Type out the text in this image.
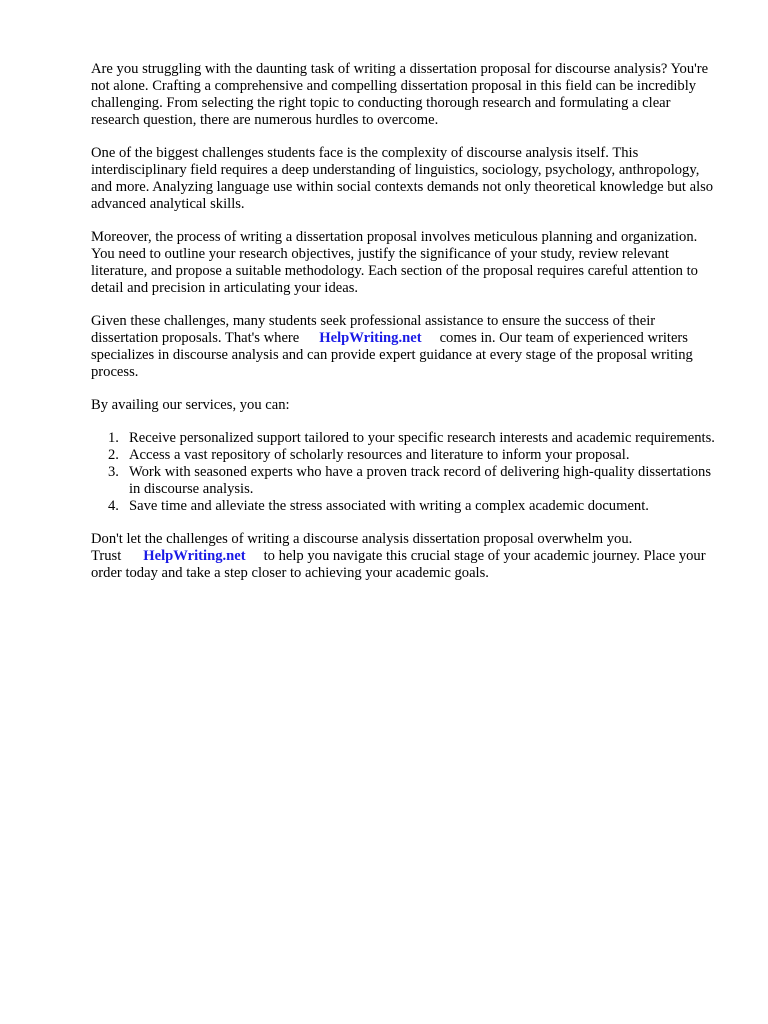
Are you struggling with the daunting task of writing a dissertation proposal for discourse analysis? You're not alone. Crafting a comprehensive and compelling dissertation proposal in this field can be incredibly challenging. From selecting the right topic to conducting thorough research and formulating a clear research question, there are numerous hurdles to overcome.

One of the biggest challenges students face is the complexity of discourse analysis itself. This interdisciplinary field requires a deep understanding of linguistics, sociology, psychology, anthropology, and more. Analyzing language use within social contexts demands not only theoretical knowledge but also advanced analytical skills.

Moreover, the process of writing a dissertation proposal involves meticulous planning and organization. You need to outline your research objectives, justify the significance of your study, review relevant literature, and propose a suitable methodology. Each section of the proposal requires careful attention to detail and precision in articulating your ideas.

Given these challenges, many students seek professional assistance to ensure the success of their dissertation proposals. That's where HelpWriting.net comes in. Our team of experienced writers specializes in discourse analysis and can provide expert guidance at every stage of the proposal writing process.

By availing our services, you can:

1. Receive personalized support tailored to your specific research interests and academic requirements.
2. Access a vast repository of scholarly resources and literature to inform your proposal.
3. Work with seasoned experts who have a proven track record of delivering high-quality dissertations in discourse analysis.
4. Save time and alleviate the stress associated with writing a complex academic document.

Don't let the challenges of writing a discourse analysis dissertation proposal overwhelm you. Trust HelpWriting.net to help you navigate this crucial stage of your academic journey. Place your order today and take a step closer to achieving your academic goals.
